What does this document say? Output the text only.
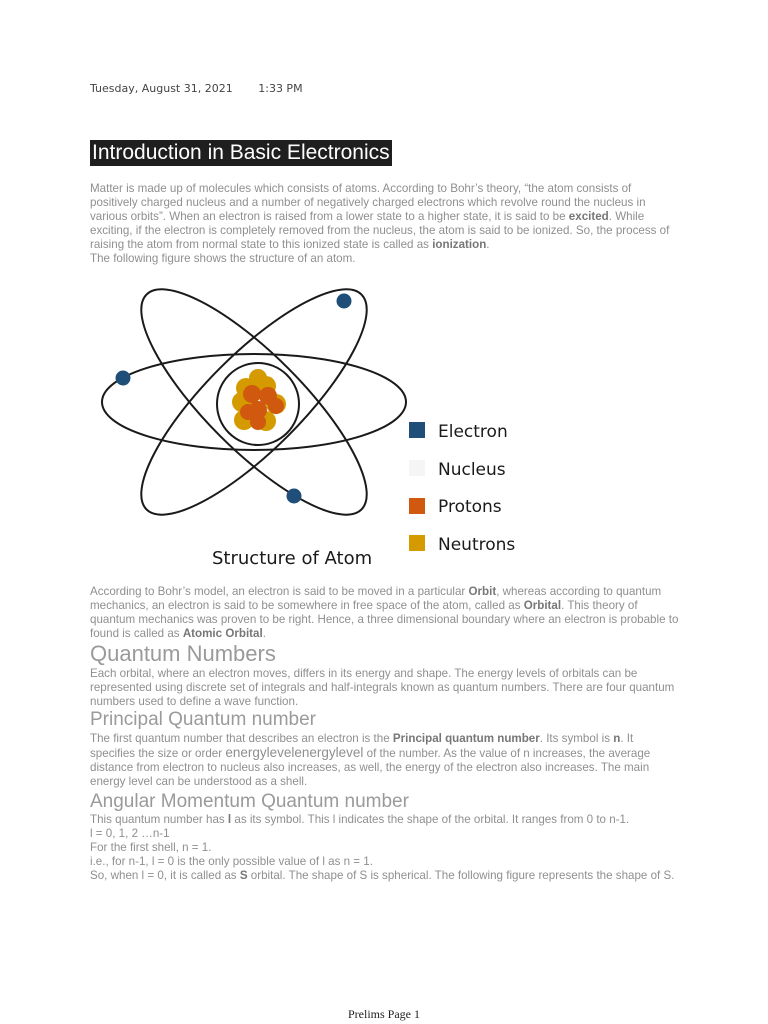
Tuesday, August 31, 2021 1:33 PM
Introduction in Basic Electronics
Matter is made up of molecules which consists of atoms. According to Bohr’s theory, “the atom consists of positively charged nucleus and a number of negatively charged electrons which revolve round the nucleus in various orbits”. When an electron is raised from a lower state to a higher state, it is said to be excited. While exciting, if the electron is completely removed from the nucleus, the atom is said to be ionized. So, the process of raising the atom from normal state to this ionized state is called as ionization.
The following figure shows the structure of an atom.
Electron
Nucleus
Protons
Neutrons
Structure of Atom
According to Bohr’s model, an electron is said to be moved in a particular Orbit, whereas according to quantum mechanics, an electron is said to be somewhere in free space of the atom, called as Orbital. This theory of quantum mechanics was proven to be right. Hence, a three dimensional boundary where an electron is probable to found is called as Atomic Orbital.
Quantum Numbers
Each orbital, where an electron moves, differs in its energy and shape. The energy levels of orbitals can be represented using discrete set of integrals and half-integrals known as quantum numbers. There are four quantum numbers used to define a wave function.
Principal Quantum number
The first quantum number that describes an electron is the Principal quantum number. Its symbol is n. It specifies the size or order energylevelenergylevel of the number. As the value of n increases, the average distance from electron to nucleus also increases, as well, the energy of the electron also increases. The main energy level can be understood as a shell.
Angular Momentum Quantum number
This quantum number has l as its symbol. This l indicates the shape of the orbital. It ranges from 0 to n-1.
l = 0, 1, 2 …n-1
For the first shell, n = 1.
i.e., for n-1, l = 0 is the only possible value of l as n = 1.
So, when l = 0, it is called as S orbital. The shape of S is spherical. The following figure represents the shape of S.
Prelims Page 1
